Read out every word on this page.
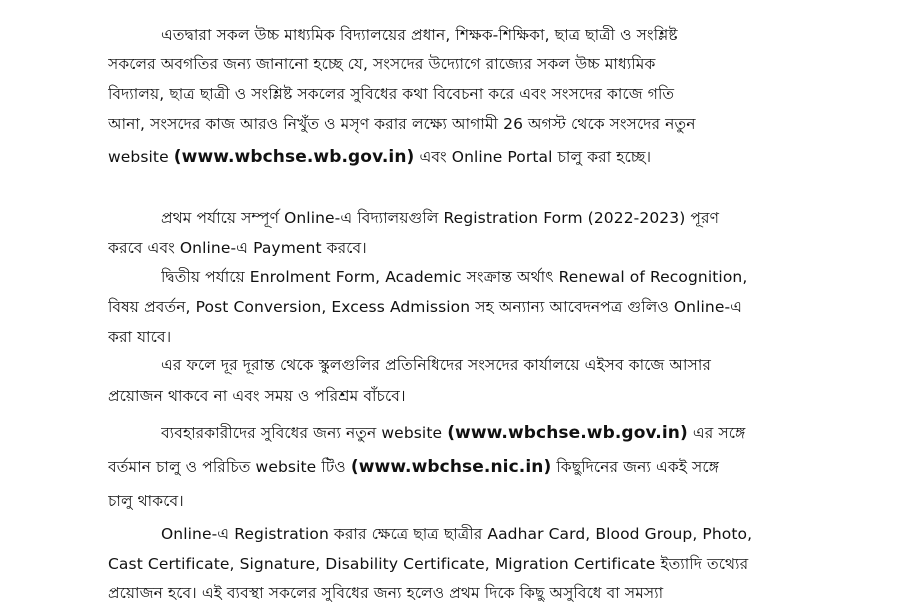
এতদ্বারা সকল উচ্চ মাধ্যমিক বিদ্যালয়ের প্রধান, শিক্ষক-শিক্ষিকা, ছাত্র ছাত্রী ও সংশ্লিষ্ট
সকলের অবগতির জন্য জানানো হচ্ছে যে, সংসদের উদ্যোগে রাজ্যের সকল উচ্চ মাধ্যমিক
বিদ্যালয়, ছাত্র ছাত্রী ও সংশ্লিষ্ট সকলের সুবিধের কথা বিবেচনা করে এবং সংসদের কাজে গতি
আনা, সংসদের কাজ আরও নিখুঁত ও মসৃণ করার লক্ষ্যে আগামী 26 অগস্ট থেকে সংসদের নতুন
website (www.wbchse.wb.gov.in) এবং Online Portal চালু করা হচ্ছে।
প্রথম পর্যায়ে সম্পূর্ণ Online-এ বিদ্যালয়গুলি Registration Form (2022-2023) পূরণ
করবে এবং Online-এ Payment করবে।
দ্বিতীয় পর্যায়ে Enrolment Form, Academic সংক্রান্ত অর্থাৎ Renewal of Recognition,
বিষয় প্রবর্তন, Post Conversion, Excess Admission সহ অন্যান্য আবেদনপত্র গুলিও Online-এ
করা যাবে।
এর ফলে দূর দূরান্ত থেকে স্কুলগুলির প্রতিনিধিদের সংসদের কার্যালয়ে এইসব কাজে আসার
প্রয়োজন থাকবে না এবং সময় ও পরিশ্রম বাঁচবে।
ব্যবহারকারীদের সুবিধের জন্য নতুন website (www.wbchse.wb.gov.in) এর সঙ্গে
বর্তমান চালু ও পরিচিত website টিও (www.wbchse.nic.in) কিছুদিনের জন্য একই সঙ্গে
চালু থাকবে।
Online-এ Registration করার ক্ষেত্রে ছাত্র ছাত্রীর Aadhar Card, Blood Group, Photo,
Cast Certificate, Signature, Disability Certificate, Migration Certificate ইত্যাদি তথ্যের
প্রয়োজন হবে। এই ব্যবস্থা সকলের সুবিধের জন্য হলেও প্রথম দিকে কিছু অসুবিধে বা সমস্যা
